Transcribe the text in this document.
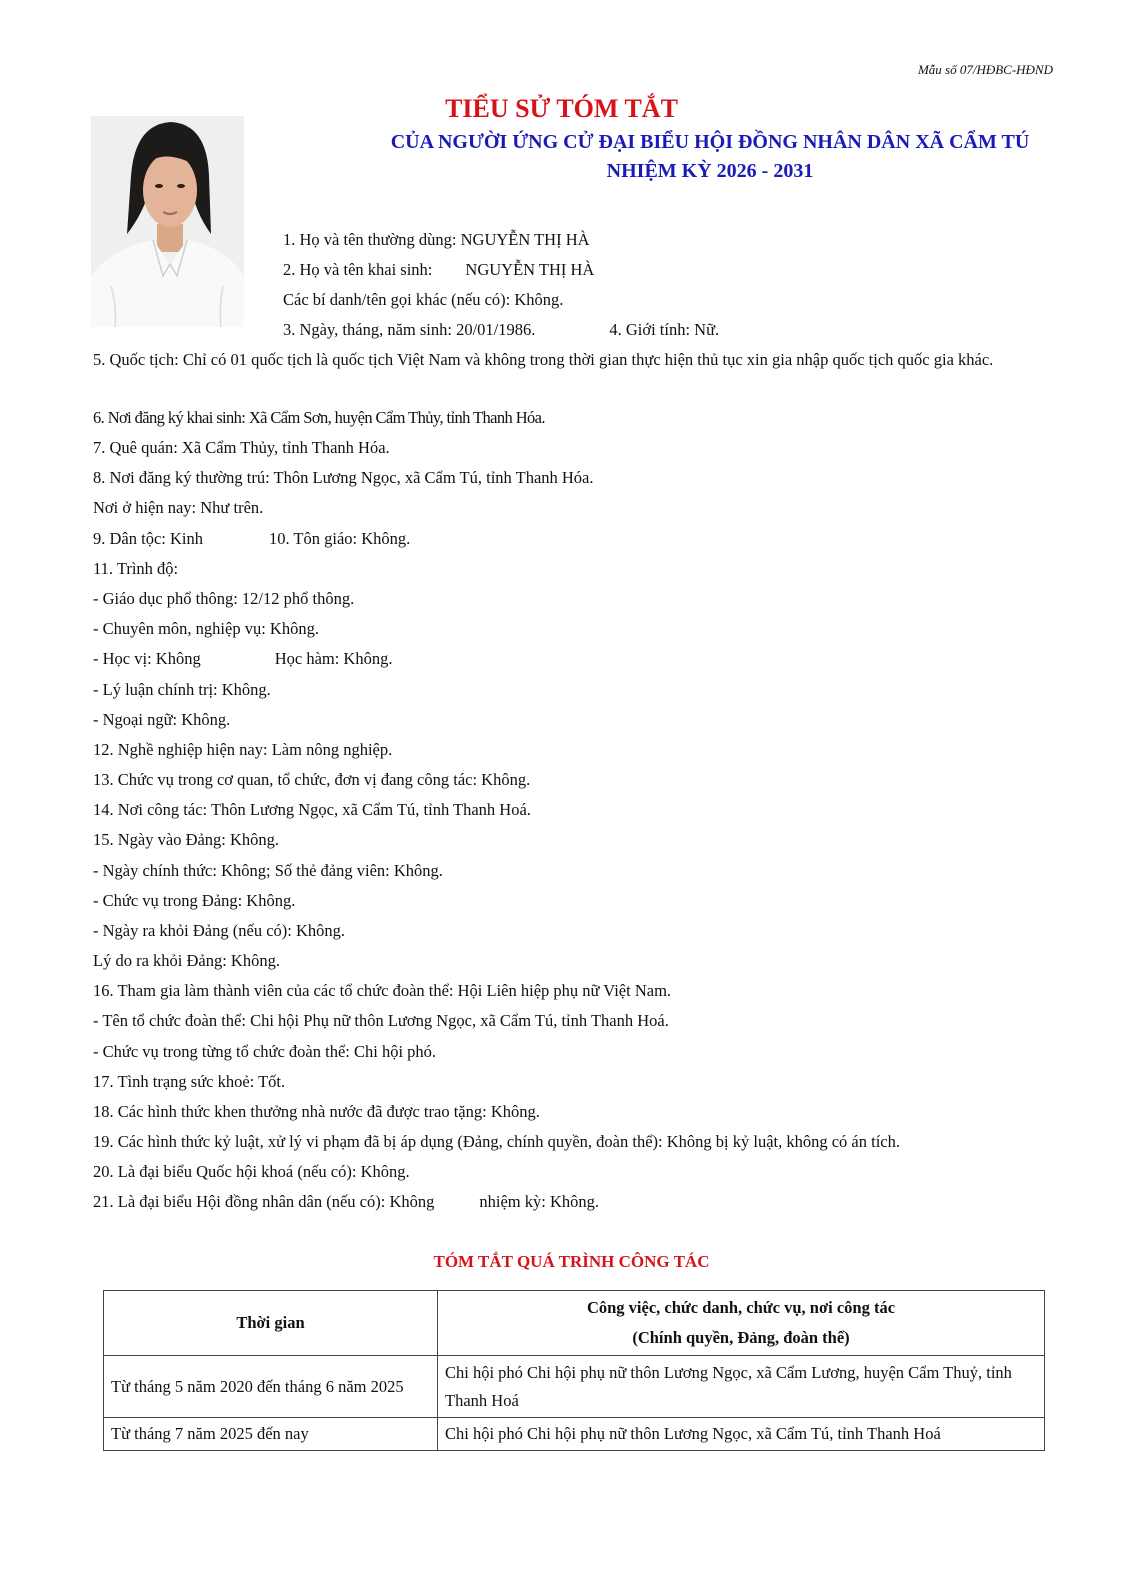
Mẫu số 07/HĐBC-HĐND
TIỂU SỬ TÓM TẮT
CỦA NGƯỜI ỨNG CỬ ĐẠI BIỂU HỘI ĐỒNG NHÂN DÂN XÃ CẨM TÚ
NHIỆM KỲ 2026 - 2031
1. Họ và tên thường dùng: NGUYỄN THỊ HÀ
2. Họ và tên khai sinh: NGUYỄN THỊ HÀ
Các bí danh/tên gọi khác (nếu có): Không.
3. Ngày, tháng, năm sinh: 20/01/1986.	4. Giới tính: Nữ.
5. Quốc tịch: Chỉ có 01 quốc tịch là quốc tịch Việt Nam và không trong thời gian thực hiện thủ tục xin gia nhập quốc tịch quốc gia khác.
6. Nơi đăng ký khai sinh: Xã Cẩm Sơn, huyện Cẩm Thủy, tỉnh Thanh Hóa.
7. Quê quán: Xã Cẩm Thủy, tỉnh Thanh Hóa.
8. Nơi đăng ký thường trú: Thôn Lương Ngọc, xã Cẩm Tú, tỉnh Thanh Hóa.
Nơi ở hiện nay: Như trên.
9. Dân tộc: Kinh	10. Tôn giáo: Không.
11. Trình độ:
- Giáo dục phổ thông: 12/12 phổ thông.
- Chuyên môn, nghiệp vụ: Không.
- Học vị: Không	Học hàm: Không.
- Lý luận chính trị: Không.
- Ngoại ngữ: Không.
12. Nghề nghiệp hiện nay: Làm nông nghiệp.
13. Chức vụ trong cơ quan, tổ chức, đơn vị đang công tác: Không.
14. Nơi công tác: Thôn Lương Ngọc, xã Cẩm Tú, tỉnh Thanh Hoá.
15. Ngày vào Đảng: Không.
- Ngày chính thức: Không; Số thẻ đảng viên: Không.
- Chức vụ trong Đảng: Không.
- Ngày ra khỏi Đảng (nếu có): Không.
Lý do ra khỏi Đảng: Không.
16. Tham gia làm thành viên của các tổ chức đoàn thể: Hội Liên hiệp phụ nữ Việt Nam.
- Tên tổ chức đoàn thể: Chi hội Phụ nữ thôn Lương Ngọc, xã Cẩm Tú, tỉnh Thanh Hoá.
- Chức vụ trong từng tổ chức đoàn thể: Chi hội phó.
17. Tình trạng sức khoẻ: Tốt.
18. Các hình thức khen thưởng nhà nước đã được trao tặng: Không.
19. Các hình thức kỷ luật, xử lý vi phạm đã bị áp dụng (Đảng, chính quyền, đoàn thể): Không bị kỷ luật, không có án tích.
20. Là đại biểu Quốc hội khoá (nếu có): Không.
21. Là đại biểu Hội đồng nhân dân (nếu có): Không	nhiệm kỳ: Không.
TÓM TẮT QUÁ TRÌNH CÔNG TÁC
Thời gian	Công việc, chức danh, chức vụ, nơi công tác
(Chính quyền, Đảng, đoàn thể)

Từ tháng 5 năm 2020 đến tháng 6 năm 2025	Chi hội phó Chi hội phụ nữ thôn Lương Ngọc, xã Cẩm Lương, huyện Cẩm Thuỷ, tỉnh Thanh Hoá
Từ tháng 7 năm 2025 đến nay	Chi hội phó Chi hội phụ nữ thôn Lương Ngọc, xã Cẩm Tú, tỉnh Thanh Hoá
